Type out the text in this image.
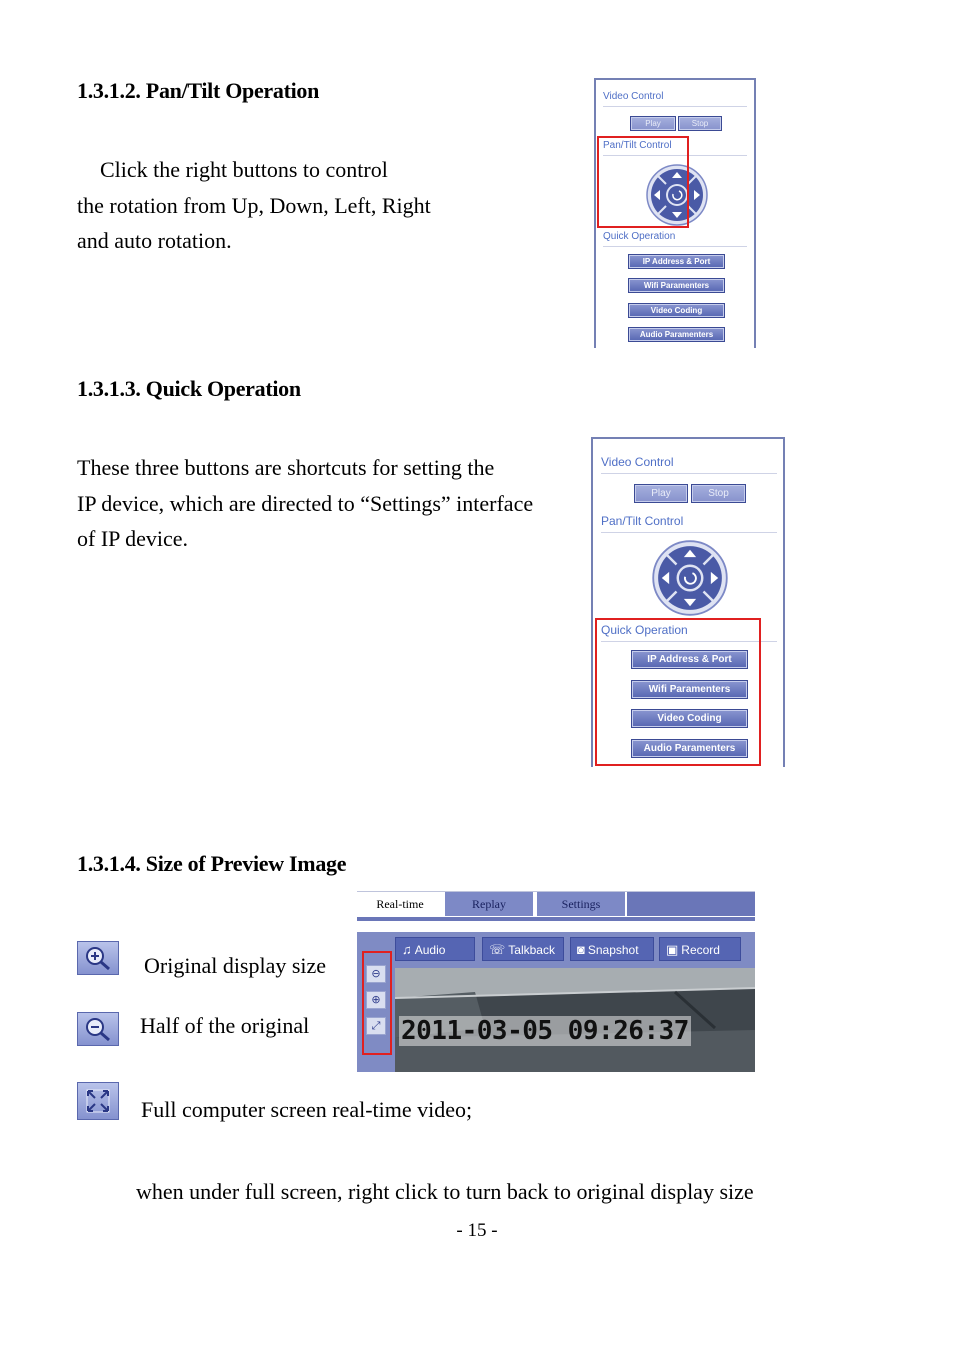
1.3.1.2. Pan/Tilt Operation
Click the right buttons to control
the rotation from Up, Down, Left, Right
and auto rotation.
Video Control
Play	Stop
Pan/Tilt Control
Quick Operation
IP Address & Port
Wifi Paramenters
Video Coding
Audio Paramenters
1.3.1.3. Quick Operation
These three buttons are shortcuts for setting the
IP device, which are directed to “Settings” interface
of IP device.
Video Control
Play	Stop
Pan/Tilt Control
Quick Operation
IP Address & Port
Wifi Paramenters
Video Coding
Audio Paramenters
1.3.1.4. Size of Preview Image
Original display size
Half of the original
Full computer screen real-time video;
Real-time	Replay	Settings
♫ Audio	☏ Talkback	◙ Snapshot	▣ Record
⊖
⊕
⤢ 2011-03-05 09:26:37
when under full screen, right click to turn back to original display size
- 15 -
